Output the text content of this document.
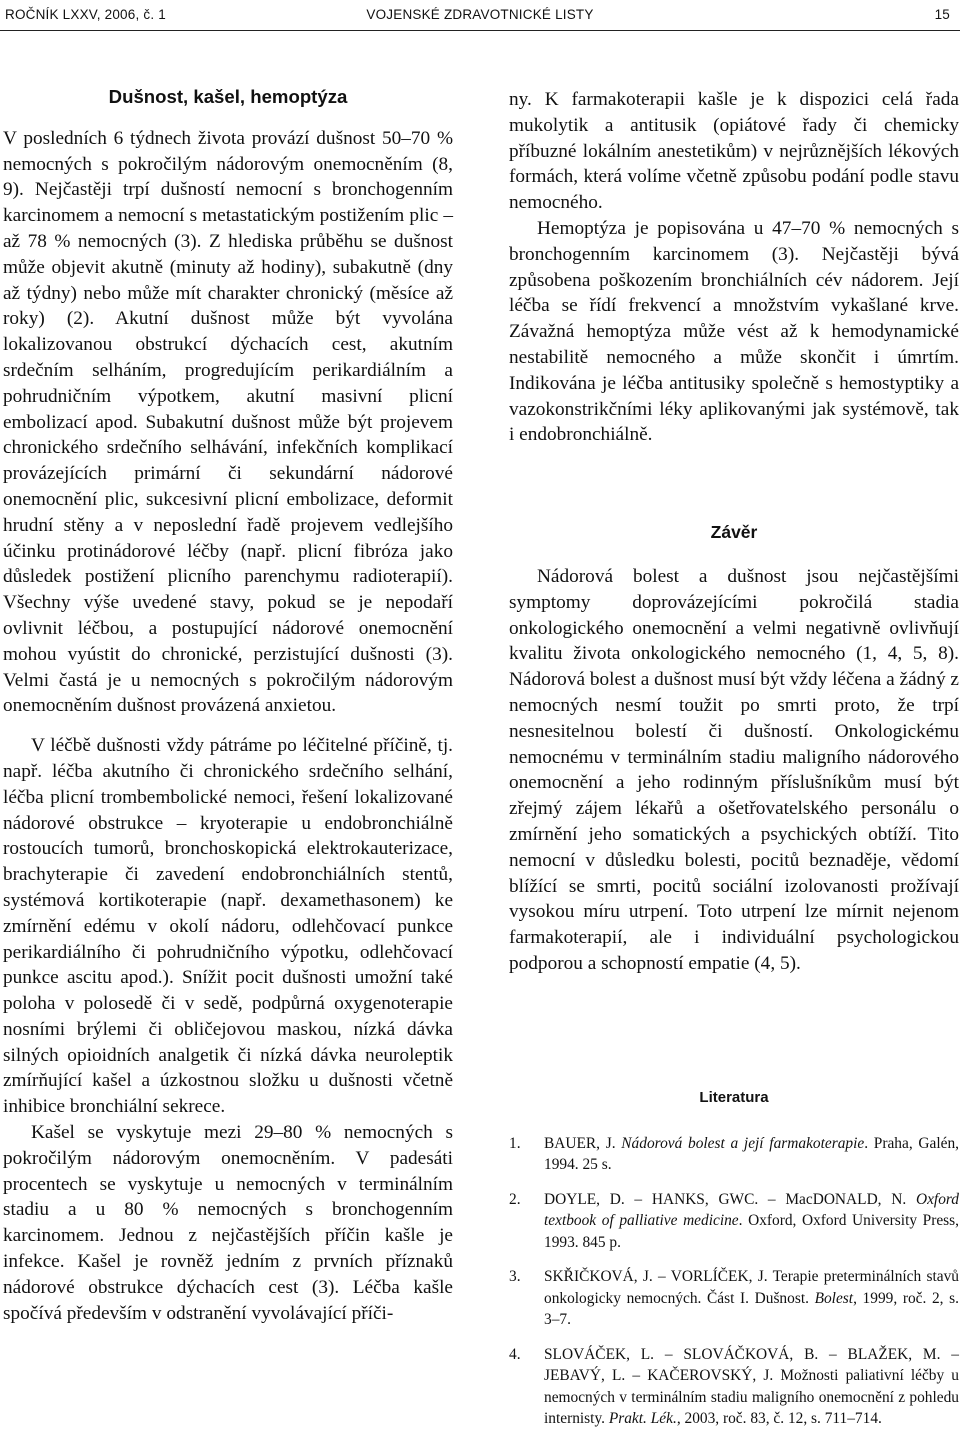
ROČNÍK LXXV, 2006, č. 1	VOJENSKÉ ZDRAVOTNICKÉ LISTY	15
Dušnost, kašel, hemoptýza

V posledních 6 týdnech života provází dušnost 50–70 % nemocných s pokročilým nádorovým onemocněním (8, 9). Nejčastěji trpí dušností nemocní s bronchogenním karcinomem a nemocní s metastatickým postižením plic – až 78 % nemocných (3). Z hlediska průběhu se dušnost může objevit akutně (minuty až hodiny), subakutně (dny až týdny) nebo může mít charakter chronický (měsíce až roky) (2). Akutní dušnost může být vyvolána lokalizovanou obstrukcí dýchacích cest, akutním srdečním selháním, progredujícím perikardiálním a pohrudničním výpotkem, akutní masivní plicní embolizací apod. Subakutní dušnost může být projevem chronického srdečního selhávání, infekčních komplikací provázejících primární či sekundární nádorové onemocnění plic, sukcesivní plicní embolizace, deformit hrudní stěny a v neposlední řadě projevem vedlejšího účinku protinádorové léčby (např. plicní fibróza jako důsledek postižení plicního parenchymu radioterapií). Všechny výše uvedené stavy, pokud se je nepodaří ovlivnit léčbou, a postupující nádorové onemocnění mohou vyústit do chronické, perzistující dušnosti (3). Velmi častá je u nemocných s pokročilým nádorovým onemocněním dušnost provázená anxietou.

V léčbě dušnosti vždy pátráme po léčitelné příčině, tj. např. léčba akutního či chronického srdečního selhání, léčba plicní trombembolické nemoci, řešení lokalizované nádorové obstrukce – kryoterapie u endobronchiálně rostoucích tumorů, bronchoskopická elektrokauterizace, brachyterapie či zavedení endobronchiálních stentů, systémová kortikoterapie (např. dexamethasonem) ke zmírnění edému v okolí nádoru, odlehčovací punkce perikardiálního či pohrudničního výpotku, odlehčovací punkce ascitu apod.). Snížit pocit dušnosti umožní také poloha v polosedě či v sedě, podpůrná oxygenoterapie nosními brýlemi či obličejovou maskou, nízká dávka silných opioidních analgetik či nízká dávka neuroleptik zmírňující kašel a úzkostnou složku u dušnosti včetně inhibice bronchiální sekrece.

Kašel se vyskytuje mezi 29–80 % nemocných s pokročilým nádorovým onemocněním. V padesáti procentech se vyskytuje u nemocných v terminálním stadiu a u 80 % nemocných s bronchogenním karcinomem. Jednou z nejčastějších příčin kašle je infekce. Kašel je rovněž jedním z prvních příznaků nádorové obstrukce dýchacích cest (3). Léčba kašle spočívá především v odstranění vyvolávající příči-

ny. K farmakoterapii kašle je k dispozici celá řada mukolytik a antitusik (opiátové řady či chemicky příbuzné lokálním anestetikům) v nejrůznějších lékových formách, která volíme včetně způsobu podání podle stavu nemocného.

Hemoptýza je popisována u 47–70 % nemocných s bronchogenním karcinomem (3). Nejčastěji bývá způsobena poškozením bronchiálních cév nádorem. Její léčba se řídí frekvencí a množstvím vykašlané krve. Závažná hemoptýza může vést až k hemodynamické nestabilitě nemocného a může skončit i úmrtím. Indikována je léčba antitusiky společně s hemostyptiky a vazokonstrikčními léky aplikovanými jak systémově, tak i endobronchiálně.

Závěr

Nádorová bolest a dušnost jsou nejčastějšími symptomy doprovázejícími pokročilá stadia onkologického onemocnění a velmi negativně ovlivňují kvalitu života onkologického nemocného (1, 4, 5, 8). Nádorová bolest a dušnost musí být vždy léčena a žádný z nemocných nesmí toužit po smrti proto, že trpí nesnesitelnou bolestí či dušností. Onkologickému nemocnému v terminálním stadiu maligního nádorového onemocnění a jeho rodinným příslušníkům musí být zřejmý zájem lékařů a ošetřovatelského personálu o zmírnění jeho somatických a psychických obtíží. Tito nemocní v důsledku bolesti, pocitů beznaděje, vědomí blížící se smrti, pocitů sociální izolovanosti prožívají vysokou míru utrpení. Toto utrpení lze mírnit nejenom farmakoterapií, ale i individuální psychologickou podporou a schopností empatie (4, 5).

Literatura
1. BAUER, J. Nádorová bolest a její farmakoterapie. Praha, Galén, 1994. 25 s.
2. DOYLE, D. – HANKS, GWC. – MacDONALD, N. Oxford textbook of palliative medicine. Oxford, Oxford University Press, 1993. 845 p.
3. SKŘIČKOVÁ, J. – VORLÍČEK, J. Terapie preterminálních stavů onkologicky nemocných. Část I. Dušnost. Bolest, 1999, roč. 2, s. 3–7.
4. SLOVÁČEK, L. – SLOVÁČKOVÁ, B. – BLAŽEK, M. – JEBAVÝ, L. – KAČEROVSKÝ, J. Možnosti paliativní léčby u nemocných v terminálním stadiu maligního onemocnění z pohledu internisty. Prakt. Lék., 2003, roč. 83, č. 12, s. 711–714.
